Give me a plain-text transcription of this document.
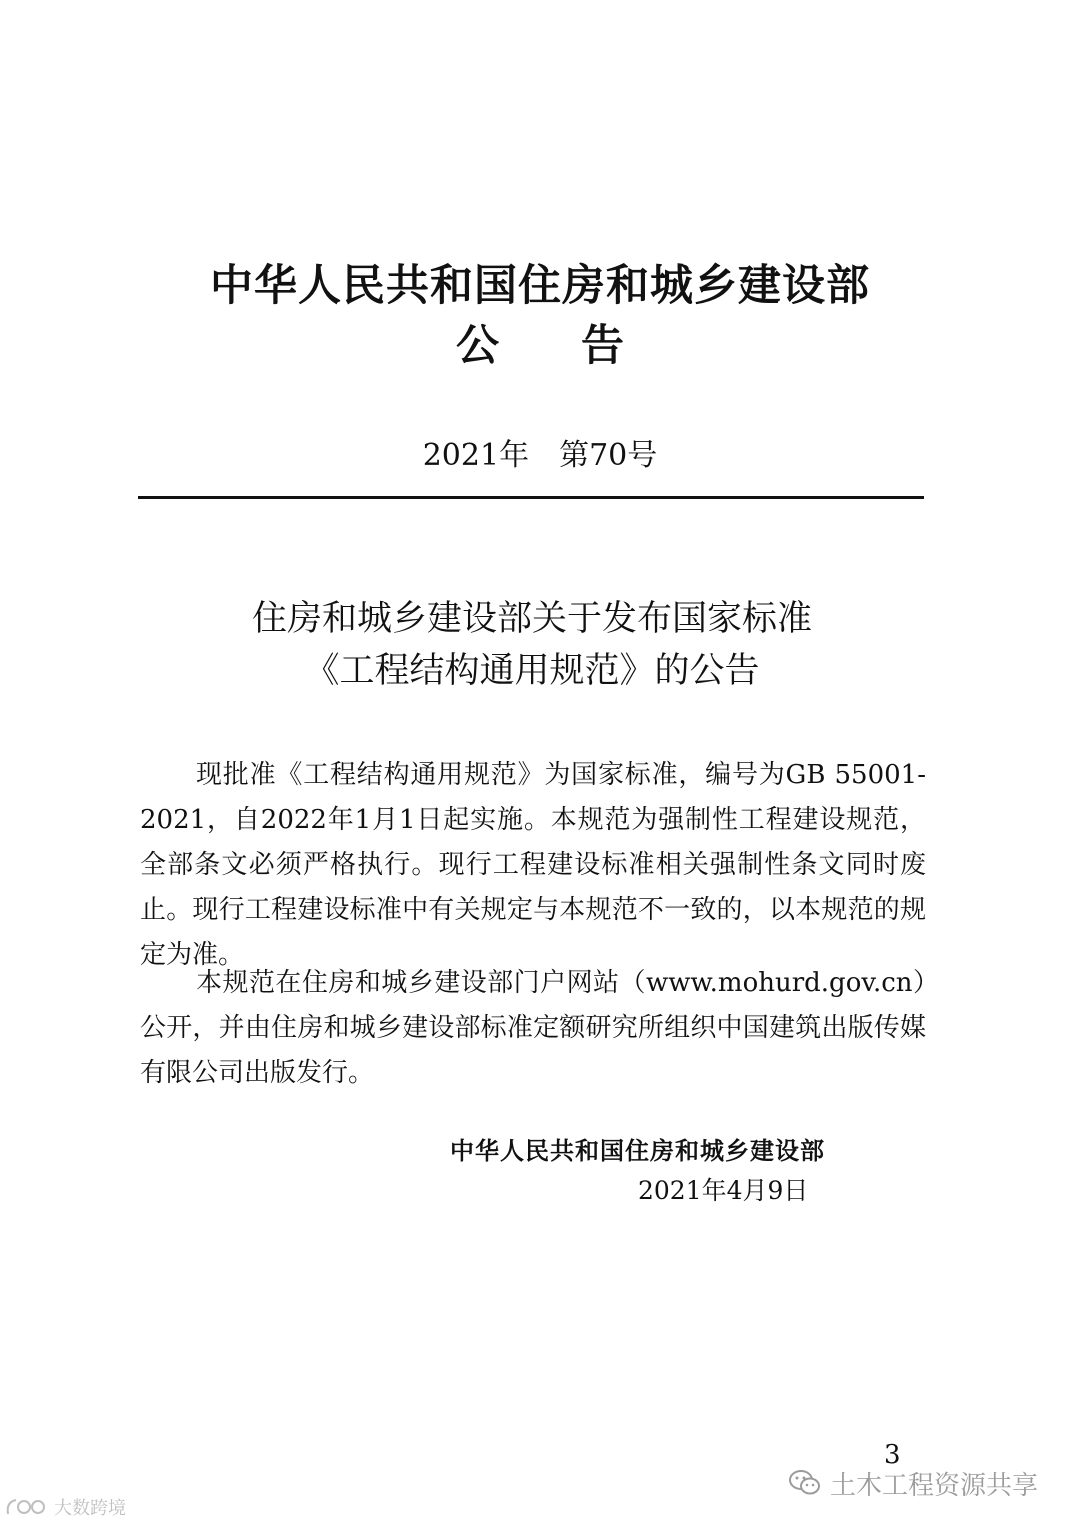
中华人民共和国住房和城乡建设部
公告
2021年 第70号
住房和城乡建设部关于发布国家标准
《工程结构通用规范》的公告
现批准《工程结构通用规范》为国家标准，编号为GB 55001-2021，自2022年1月1日起实施。本规范为强制性工程建设规范，全部条文必须严格执行。现行工程建设标准相关强制性条文同时废止。现行工程建设标准中有关规定与本规范不一致的，以本规范的规定为准。
本规范在住房和城乡建设部门户网站（www.mohurd.gov.cn）公开，并由住房和城乡建设部标准定额研究所组织中国建筑出版传媒有限公司出版发行。
中华人民共和国住房和城乡建设部
2021年4月9日
3
土木工程资源共享
大数跨境
